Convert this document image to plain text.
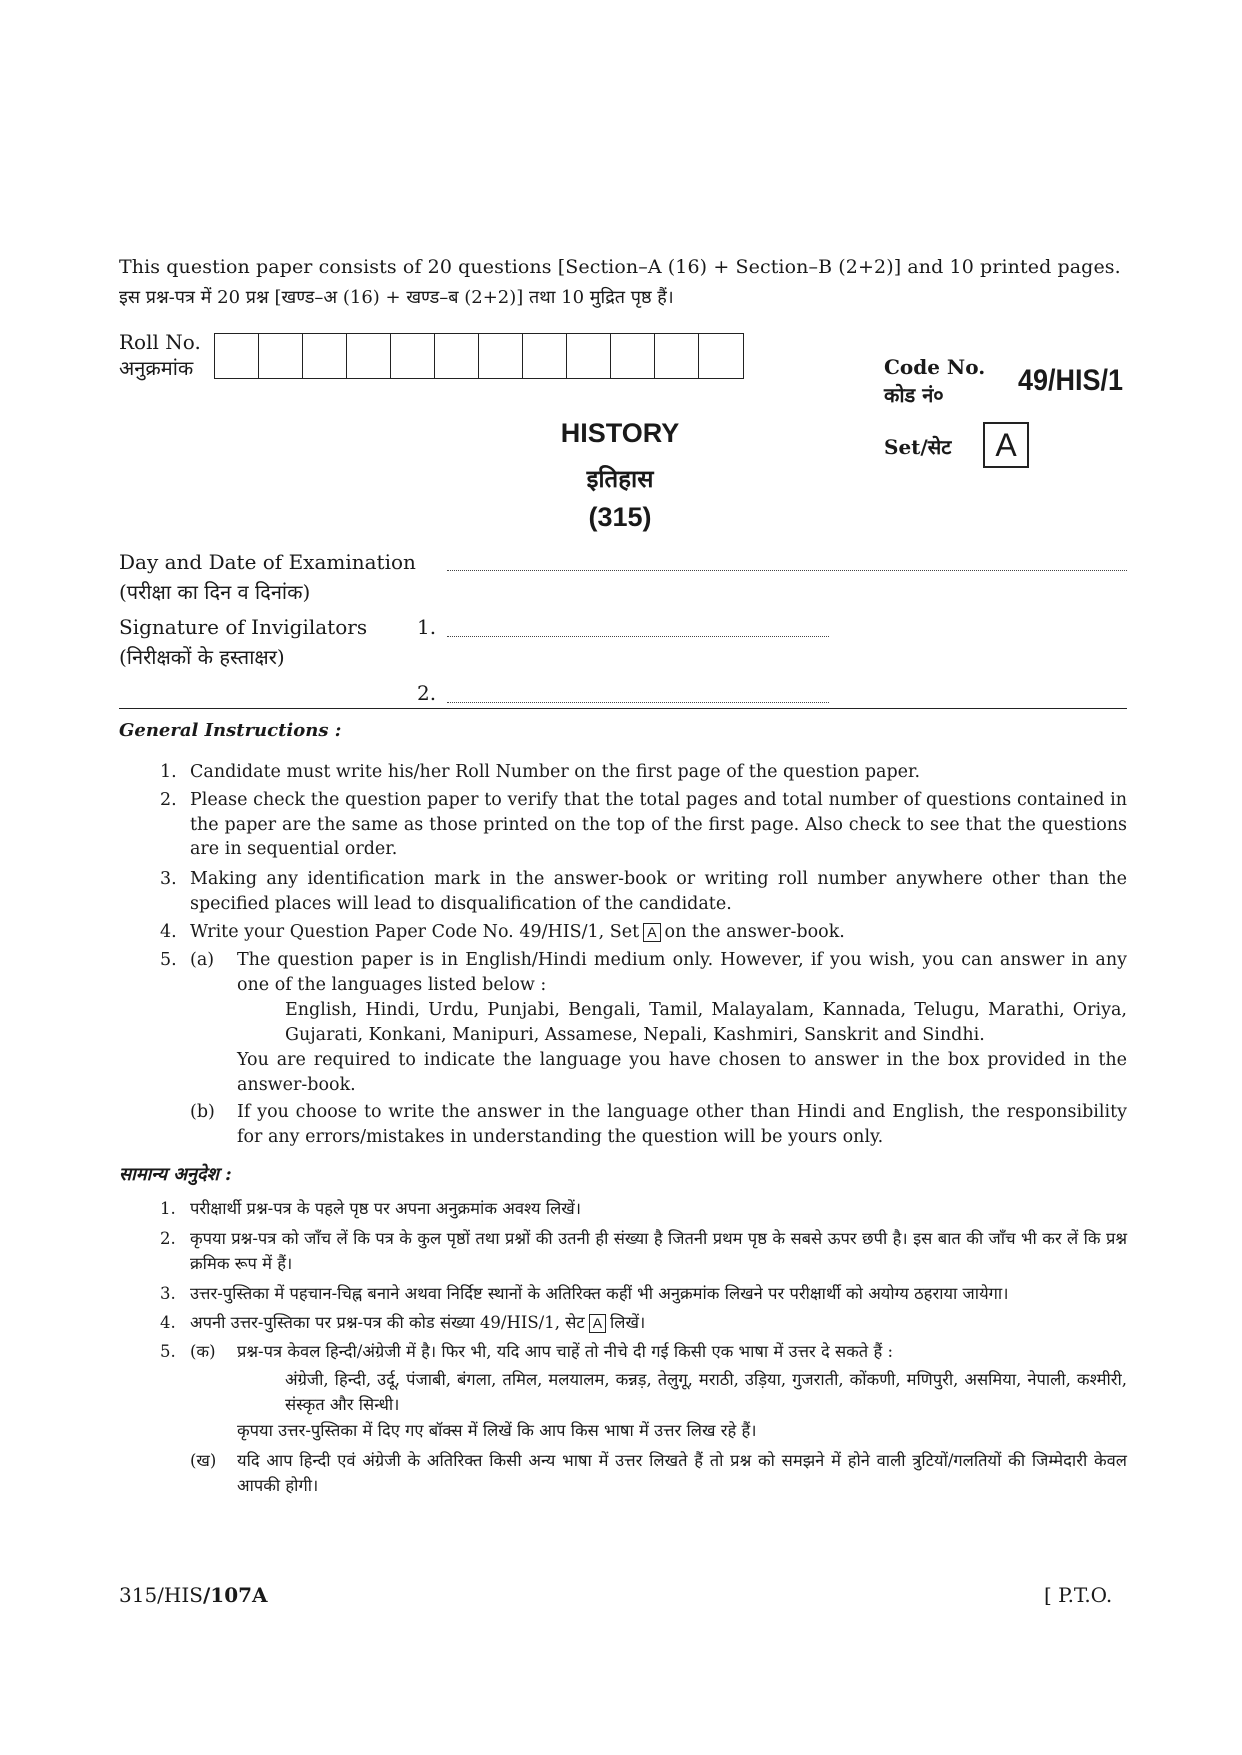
This question paper consists of 20 questions [Section–A (16) + Section–B (2+2)] and 10 printed pages.
इस प्रश्न-पत्र में 20 प्रश्न [खण्ड–अ (16) + खण्ड–ब (2+2)] तथा 10 मुद्रित पृष्ठ हैं।
Roll No.
अनुक्रमांक	Code No.
कोड नं०	49/HIS/1
Set/सेट	A
HISTORY
इतिहास
(315)
Day and Date of Examination
(परीक्षा का दिन व दिनांक)
Signature of Invigilators
(निरीक्षकों के हस्ताक्षर)
1.
2.
General Instructions :
1. Candidate must write his/her Roll Number on the first page of the question paper.
2. Please check the question paper to verify that the total pages and total number of questions contained in the paper are the same as those printed on the top of the first page. Also check to see that the questions are in sequential order.
3. Making any identification mark in the answer-book or writing roll number anywhere other than the specified places will lead to disqualification of the candidate.
4. Write your Question Paper Code No. 49/HIS/1, Set A on the answer-book.
5. (a) The question paper is in English/Hindi medium only. However, if you wish, you can answer in any one of the languages listed below :
English, Hindi, Urdu, Punjabi, Bengali, Tamil, Malayalam, Kannada, Telugu, Marathi, Oriya, Gujarati, Konkani, Manipuri, Assamese, Nepali, Kashmiri, Sanskrit and Sindhi.
You are required to indicate the language you have chosen to answer in the box provided in the answer-book.
(b) If you choose to write the answer in the language other than Hindi and English, the responsibility for any errors/mistakes in understanding the question will be yours only.
सामान्य अनुदेश :
1. परीक्षार्थी प्रश्न-पत्र के पहले पृष्ठ पर अपना अनुक्रमांक अवश्य लिखें।
2. कृपया प्रश्न-पत्र को जाँच लें कि पत्र के कुल पृष्ठों तथा प्रश्नों की उतनी ही संख्या है जितनी प्रथम पृष्ठ के सबसे ऊपर छपी है। इस बात की जाँच भी कर लें कि प्रश्न क्रमिक रूप में हैं।
3. उत्तर-पुस्तिका में पहचान-चिह्न बनाने अथवा निर्दिष्ट स्थानों के अतिरिक्त कहीं भी अनुक्रमांक लिखने पर परीक्षार्थी को अयोग्य ठहराया जायेगा।
4. अपनी उत्तर-पुस्तिका पर प्रश्न-पत्र की कोड संख्या 49/HIS/1, सेट A लिखें।
5. (क) प्रश्न-पत्र केवल हिन्दी/अंग्रेजी में है। फिर भी, यदि आप चाहें तो नीचे दी गई किसी एक भाषा में उत्तर दे सकते हैं :
अंग्रेजी, हिन्दी, उर्दू, पंजाबी, बंगला, तमिल, मलयालम, कन्नड़, तेलुगू, मराठी, उड़िया, गुजराती, कोंकणी, मणिपुरी, असमिया, नेपाली, कश्मीरी, संस्कृत और सिन्धी।
कृपया उत्तर-पुस्तिका में दिए गए बॉक्स में लिखें कि आप किस भाषा में उत्तर लिख रहे हैं।
(ख) यदि आप हिन्दी एवं अंग्रेजी के अतिरिक्त किसी अन्य भाषा में उत्तर लिखते हैं तो प्रश्न को समझने में होने वाली त्रुटियों/गलतियों की जिम्मेदारी केवल आपकी होगी।
315/HIS/107A	[ P.T.O.
